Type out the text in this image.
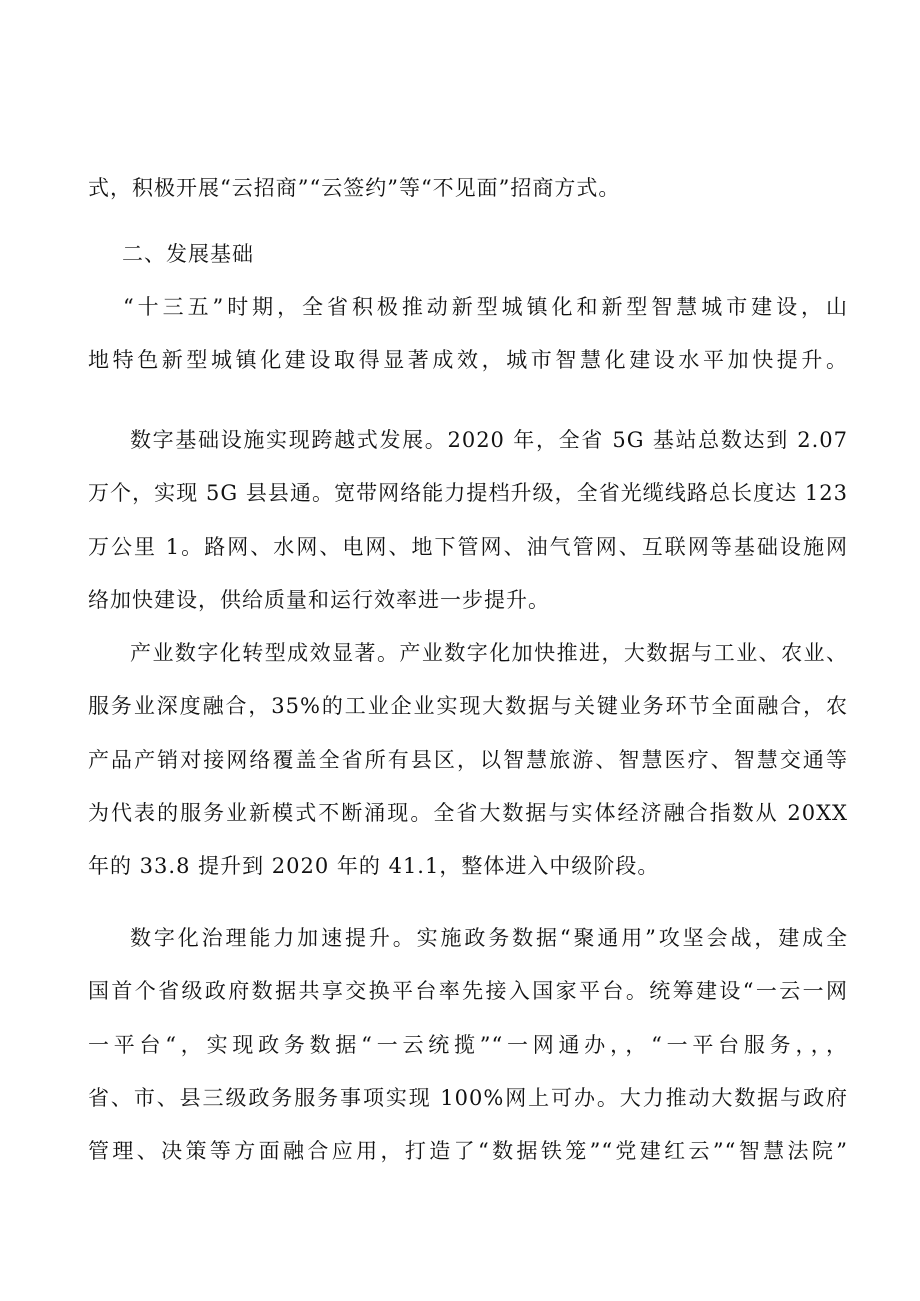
式，积极开展“云招商”“云签约”等“不见面”招商方式。
二、发展基础
“十三五”时期，全省积极推动新型城镇化和新型智慧城市建设，山
地特色新型城镇化建设取得显著成效，城市智慧化建设水平加快提升。
数字基础设施实现跨越式发展。2020 年，全省 5G 基站总数达到 2.07
万个，实现 5G 县县通。宽带网络能力提档升级，全省光缆线路总长度达 123
万公里 1。路网、水网、电网、地下管网、油气管网、互联网等基础设施网
络加快建设，供给质量和运行效率进一步提升。
产业数字化转型成效显著。产业数字化加快推进，大数据与工业、农业、
服务业深度融合，35%的工业企业实现大数据与关键业务环节全面融合，农
产品产销对接网络覆盖全省所有县区，以智慧旅游、智慧医疗、智慧交通等
为代表的服务业新模式不断涌现。全省大数据与实体经济融合指数从 20XX
年的 33.8 提升到 2020 年的 41.1，整体进入中级阶段。
数字化治理能力加速提升。实施政务数据“聚通用”攻坚会战，建成全
国首个省级政府数据共享交换平台率先接入国家平台。统筹建设“一云一网
一平台“，实现政务数据“一云统揽”“一网通办，，“一平台服务，，，
省、市、县三级政务服务事项实现 100%网上可办。大力推动大数据与政府
管理、决策等方面融合应用，打造了“数据铁笼”“党建红云”“智慧法院”
